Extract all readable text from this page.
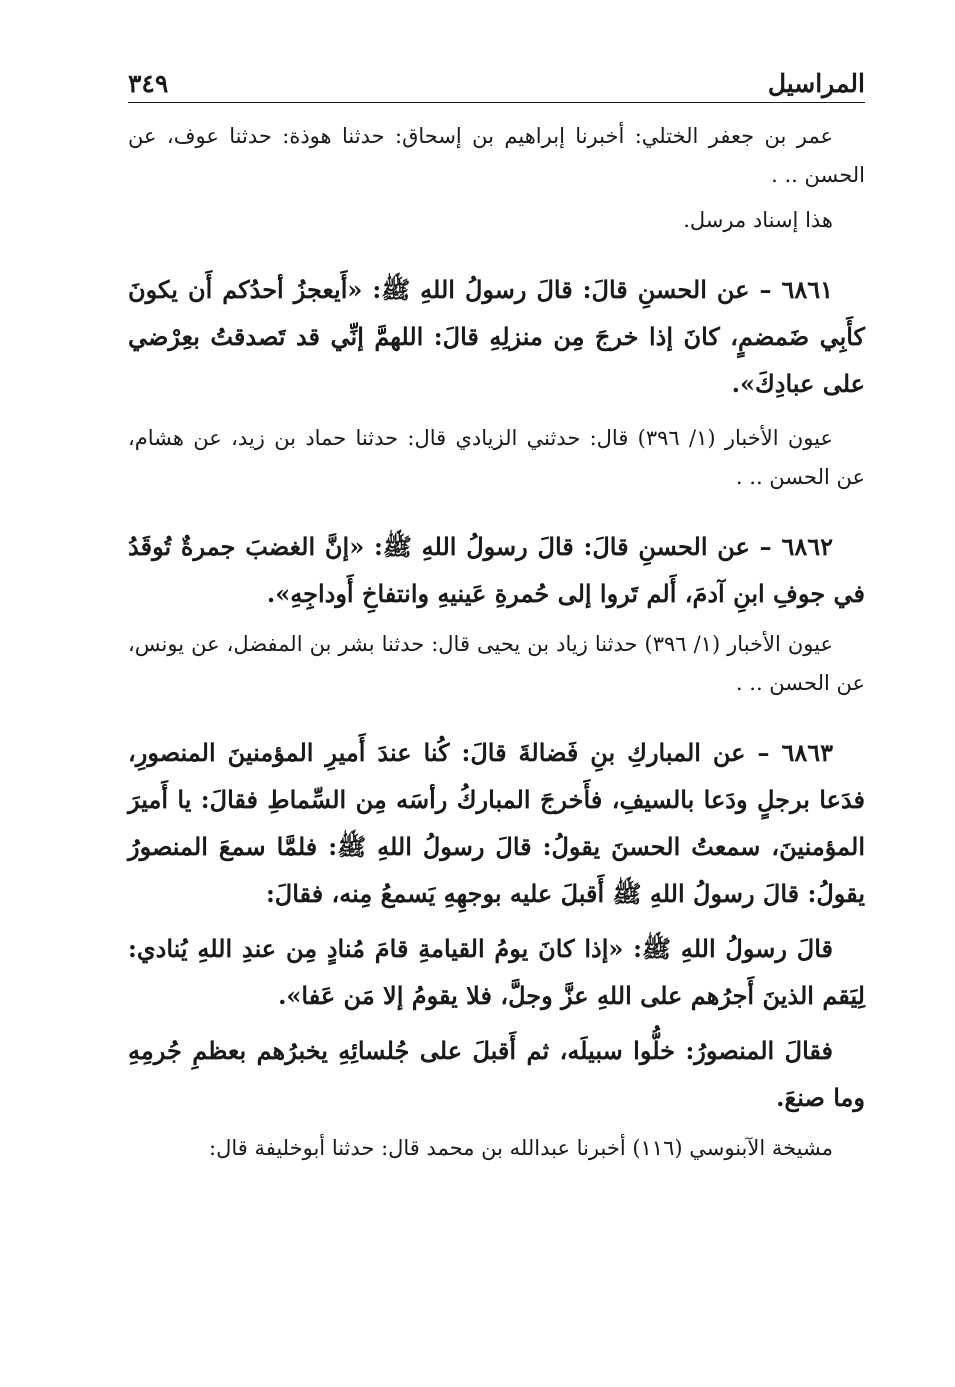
المراسيل
٣٤٩
عمر بن جعفر الختلي: أخبرنا إبراهيم بن إسحاق: حدثنا هوذة: حدثنا عوف، عن الحسن .. .
هذا إسناد مرسل.
٦٨٦١ – عن الحسنِ قالَ: قالَ رسولُ اللهِ ﷺ: «أَيعجزُ أحدُكم أَن يكونَ كأَبِي ضَمضمٍ، كانَ إذا خرجَ مِن منزلِهِ قالَ: اللهمَّ إنِّي قد تَصدقتُ بعِرْضي على عبادِكَ».
عيون الأخبار (١/ ٣٩٦) قال: حدثني الزيادي قال: حدثنا حماد بن زيد، عن هشام، عن الحسن .. .
٦٨٦٢ – عن الحسنِ قالَ: قالَ رسولُ اللهِ ﷺ: «إنَّ الغضبَ جمرةٌ تُوقَدُ في جوفِ ابنِ آدمَ، أَلم تَروا إلى حُمرةِ عَينيهِ وانتفاخِ أَوداجِهِ».
عيون الأخبار (١/ ٣٩٦) حدثنا زياد بن يحيى قال: حدثنا بشر بن المفضل، عن يونس، عن الحسن .. .
٦٨٦٣ – عن المباركِ بنِ فَضالةَ قالَ: كُنا عندَ أَميرِ المؤمنينَ المنصورِ، فدَعا برجلٍ ودَعا بالسيفِ، فأَخرجَ المباركُ رأسَه مِن السِّماطِ فقالَ: يا أَميرَ المؤمنينَ، سمعتُ الحسنَ يقولُ: قالَ رسولُ اللهِ ﷺ: فلمَّا سمعَ المنصورُ يقولُ: قالَ رسولُ اللهِ ﷺ أَقبلَ عليه بوجهِهِ يَسمعُ مِنه، فقالَ:
قالَ رسولُ اللهِ ﷺ: «إذا كانَ يومُ القيامةِ قامَ مُنادٍ مِن عندِ اللهِ يُنادي: لِيَقم الذينَ أَجرُهم على اللهِ عزَّ وجلَّ، فلا يقومُ إلا مَن عَفا».
فقالَ المنصورُ: خلُّوا سبيلَه، ثم أَقبلَ على جُلسائِهِ يخبرُهم بعظمِ جُرمِهِ وما صنعَ.
مشيخة الآبنوسي (١١٦) أخبرنا عبدالله بن محمد قال: حدثنا أبوخليفة قال:
